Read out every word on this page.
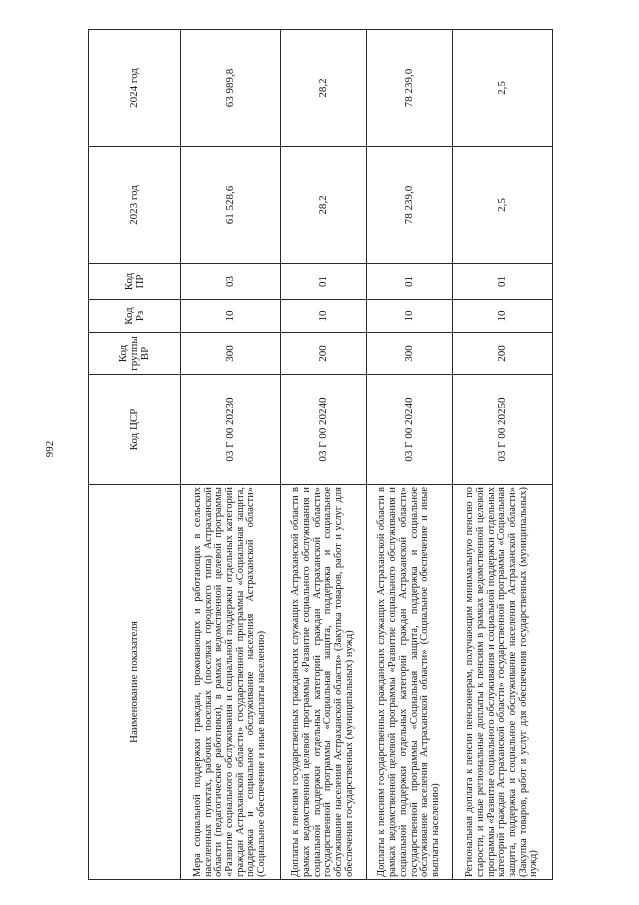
992
Наименование показателя	Код ЦСР	Код группы ВР	Код Рз	Код ПР	2023 год	2024 год
Мера социальной поддержки граждан, проживающих и работающих в сельских населенных пунктах, рабочих поселках (поселках городского типа) Астраханской области (педагогические работники), в рамках ведомственной целевой программы «Развитие социального обслуживания и социальной поддержки отдельных категорий граждан Астраханской области» государственной программы «Социальная защита, поддержка и социальное обслуживание населения Астраханской области» (Социальное обеспечение и иные выплаты населению)	03 Г 00 20230	300	10	03	61 528,6	63 989,8
Доплаты к пенсиям государственных гражданских служащих Астраханской области в рамках ведомственной целевой программы «Развитие социального обслуживания и социальной поддержки отдельных категорий граждан Астраханской области» государственной программы «Социальная защита, поддержка и социальное обслуживание населения Астраханской области» (Закупка товаров, работ и услуг для обеспечения государственных (муниципальных) нужд)	03 Г 00 20240	200	10	01	28,2	28,2
Доплаты к пенсиям государственных гражданских служащих Астраханской области в рамках ведомственной целевой программы «Развитие социального обслуживания и социальной поддержки отдельных категорий граждан Астраханской области» государственной программы «Социальная защита, поддержка и социальное обслуживание населения Астраханской области» (Социальное обеспечение и иные выплаты населению)	03 Г 00 20240	300	10	01	78 239,0	78 239,0
Региональная доплата к пенсии пенсионерам, получающим минимальную пенсию по старости, и иные региональные доплаты к пенсиям в рамках ведомственной целевой программы «Развитие социального обслуживания и социальной поддержки отдельных категорий граждан Астраханской области» государственной программы «Социальная защита, поддержка и социальное обслуживание населения Астраханской области» (Закупка товаров, работ и услуг для обеспечения государственных (муниципальных) нужд)	03 Г 00 20250	200	10	01	2,5	2,5
